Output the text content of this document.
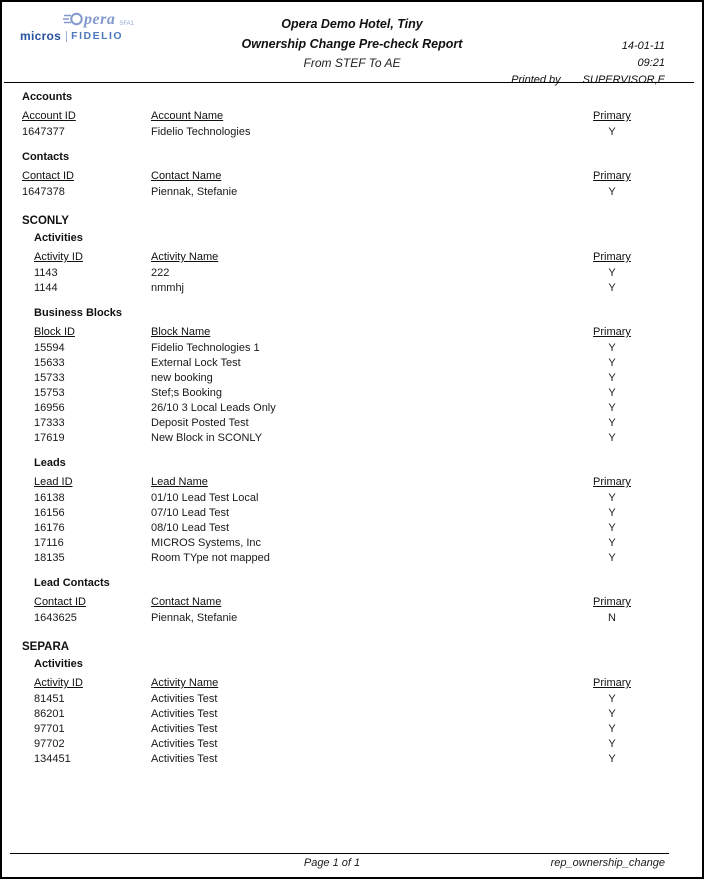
pera SFA1
micros FIDELIO
Opera Demo Hotel, Tiny
Ownership Change Pre-check Report
From STEF To AE
14-01-11
09:21
Printed by SUPERVISOR,E
Accounts
Account ID	Account Name	Primary
1647377	Fidelio Technologies	Y
Contacts
Contact ID	Contact Name	Primary
1647378	Piennak, Stefanie	Y
SCONLY
Activities
Activity ID	Activity Name	Primary
1143	222	Y
1144	nmmhj	Y
Business Blocks
Block ID	Block Name	Primary
15594	Fidelio Technologies 1	Y
15633	External Lock Test	Y
15733	new booking	Y
15753	Stef;s Booking	Y
16956	26/10 3 Local Leads Only	Y
17333	Deposit Posted Test	Y
17619	New Block in SCONLY	Y
Leads
Lead ID	Lead Name	Primary
16138	01/10 Lead Test Local	Y
16156	07/10 Lead Test	Y
16176	08/10 Lead Test	Y
17116	MICROS Systems, Inc	Y
18135	Room TYpe not mapped	Y
Lead Contacts
Contact ID	Contact Name	Primary
1643625	Piennak, Stefanie	N
SEPARA
Activities
Activity ID	Activity Name	Primary
81451	Activities Test	Y
86201	Activities Test	Y
97701	Activities Test	Y
97702	Activities Test	Y
134451	Activities Test	Y
Page 1 of 1	rep_ownership_change
